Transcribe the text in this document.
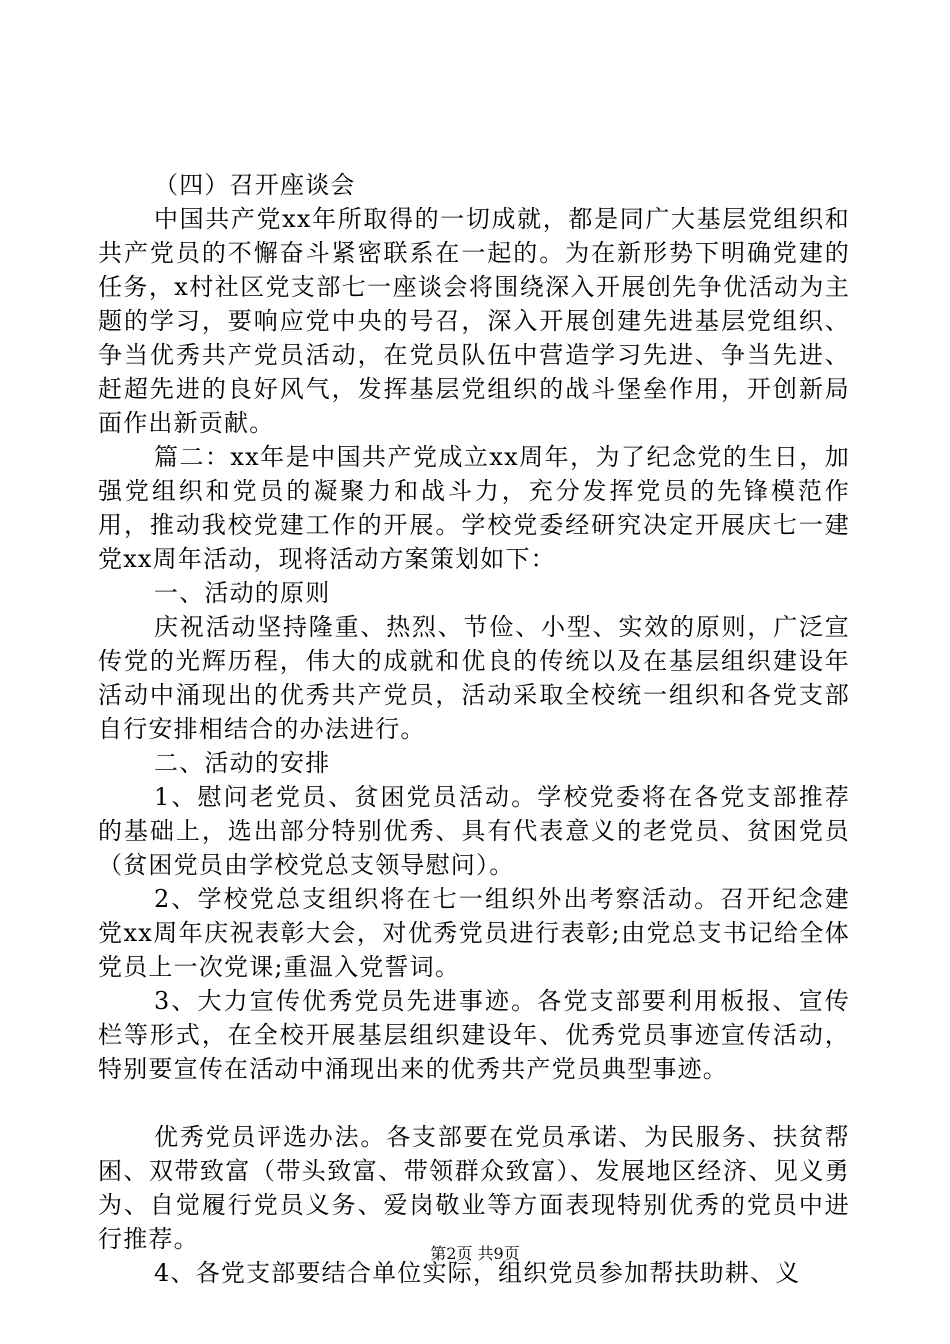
（四）召开座谈会

中国共产党xx年所取得的一切成就，都是同广大基层党组织和共产党员的不懈奋斗紧密联系在一起的。为在新形势下明确党建的任务，x村社区党支部七一座谈会将围绕深入开展创先争优活动为主题的学习，要响应党中央的号召，深入开展创建先进基层党组织、争当优秀共产党员活动，在党员队伍中营造学习先进、争当先进、赶超先进的良好风气，发挥基层党组织的战斗堡垒作用，开创新局面作出新贡献。

篇二：xx年是中国共产党成立xx周年，为了纪念党的生日，加强党组织和党员的凝聚力和战斗力，充分发挥党员的先锋模范作用，推动我校党建工作的开展。学校党委经研究决定开展庆七一建党xx周年活动，现将活动方案策划如下：

一、活动的原则

庆祝活动坚持隆重、热烈、节俭、小型、实效的原则，广泛宣传党的光辉历程，伟大的成就和优良的传统以及在基层组织建设年活动中涌现出的优秀共产党员，活动采取全校统一组织和各党支部自行安排相结合的办法进行。

二、活动的安排

1、慰问老党员、贫困党员活动。学校党委将在各党支部推荐的基础上，选出部分特别优秀、具有代表意义的老党员、贫困党员（贫困党员由学校党总支领导慰问）。

2、学校党总支组织将在七一组织外出考察活动。召开纪念建党xx周年庆祝表彰大会，对优秀党员进行表彰;由党总支书记给全体党员上一次党课;重温入党誓词。

3、大力宣传优秀党员先进事迹。各党支部要利用板报、宣传栏等形式，在全校开展基层组织建设年、优秀党员事迹宣传活动，特别要宣传在活动中涌现出来的优秀共产党员典型事迹。

优秀党员评选办法。各支部要在党员承诺、为民服务、扶贫帮困、双带致富（带头致富、带领群众致富）、发展地区经济、见义勇为、自觉履行党员义务、爱岗敬业等方面表现特别优秀的党员中进行推荐。

4、各党支部要结合单位实际，组织党员参加帮扶助耕、义

第2页 共9页
